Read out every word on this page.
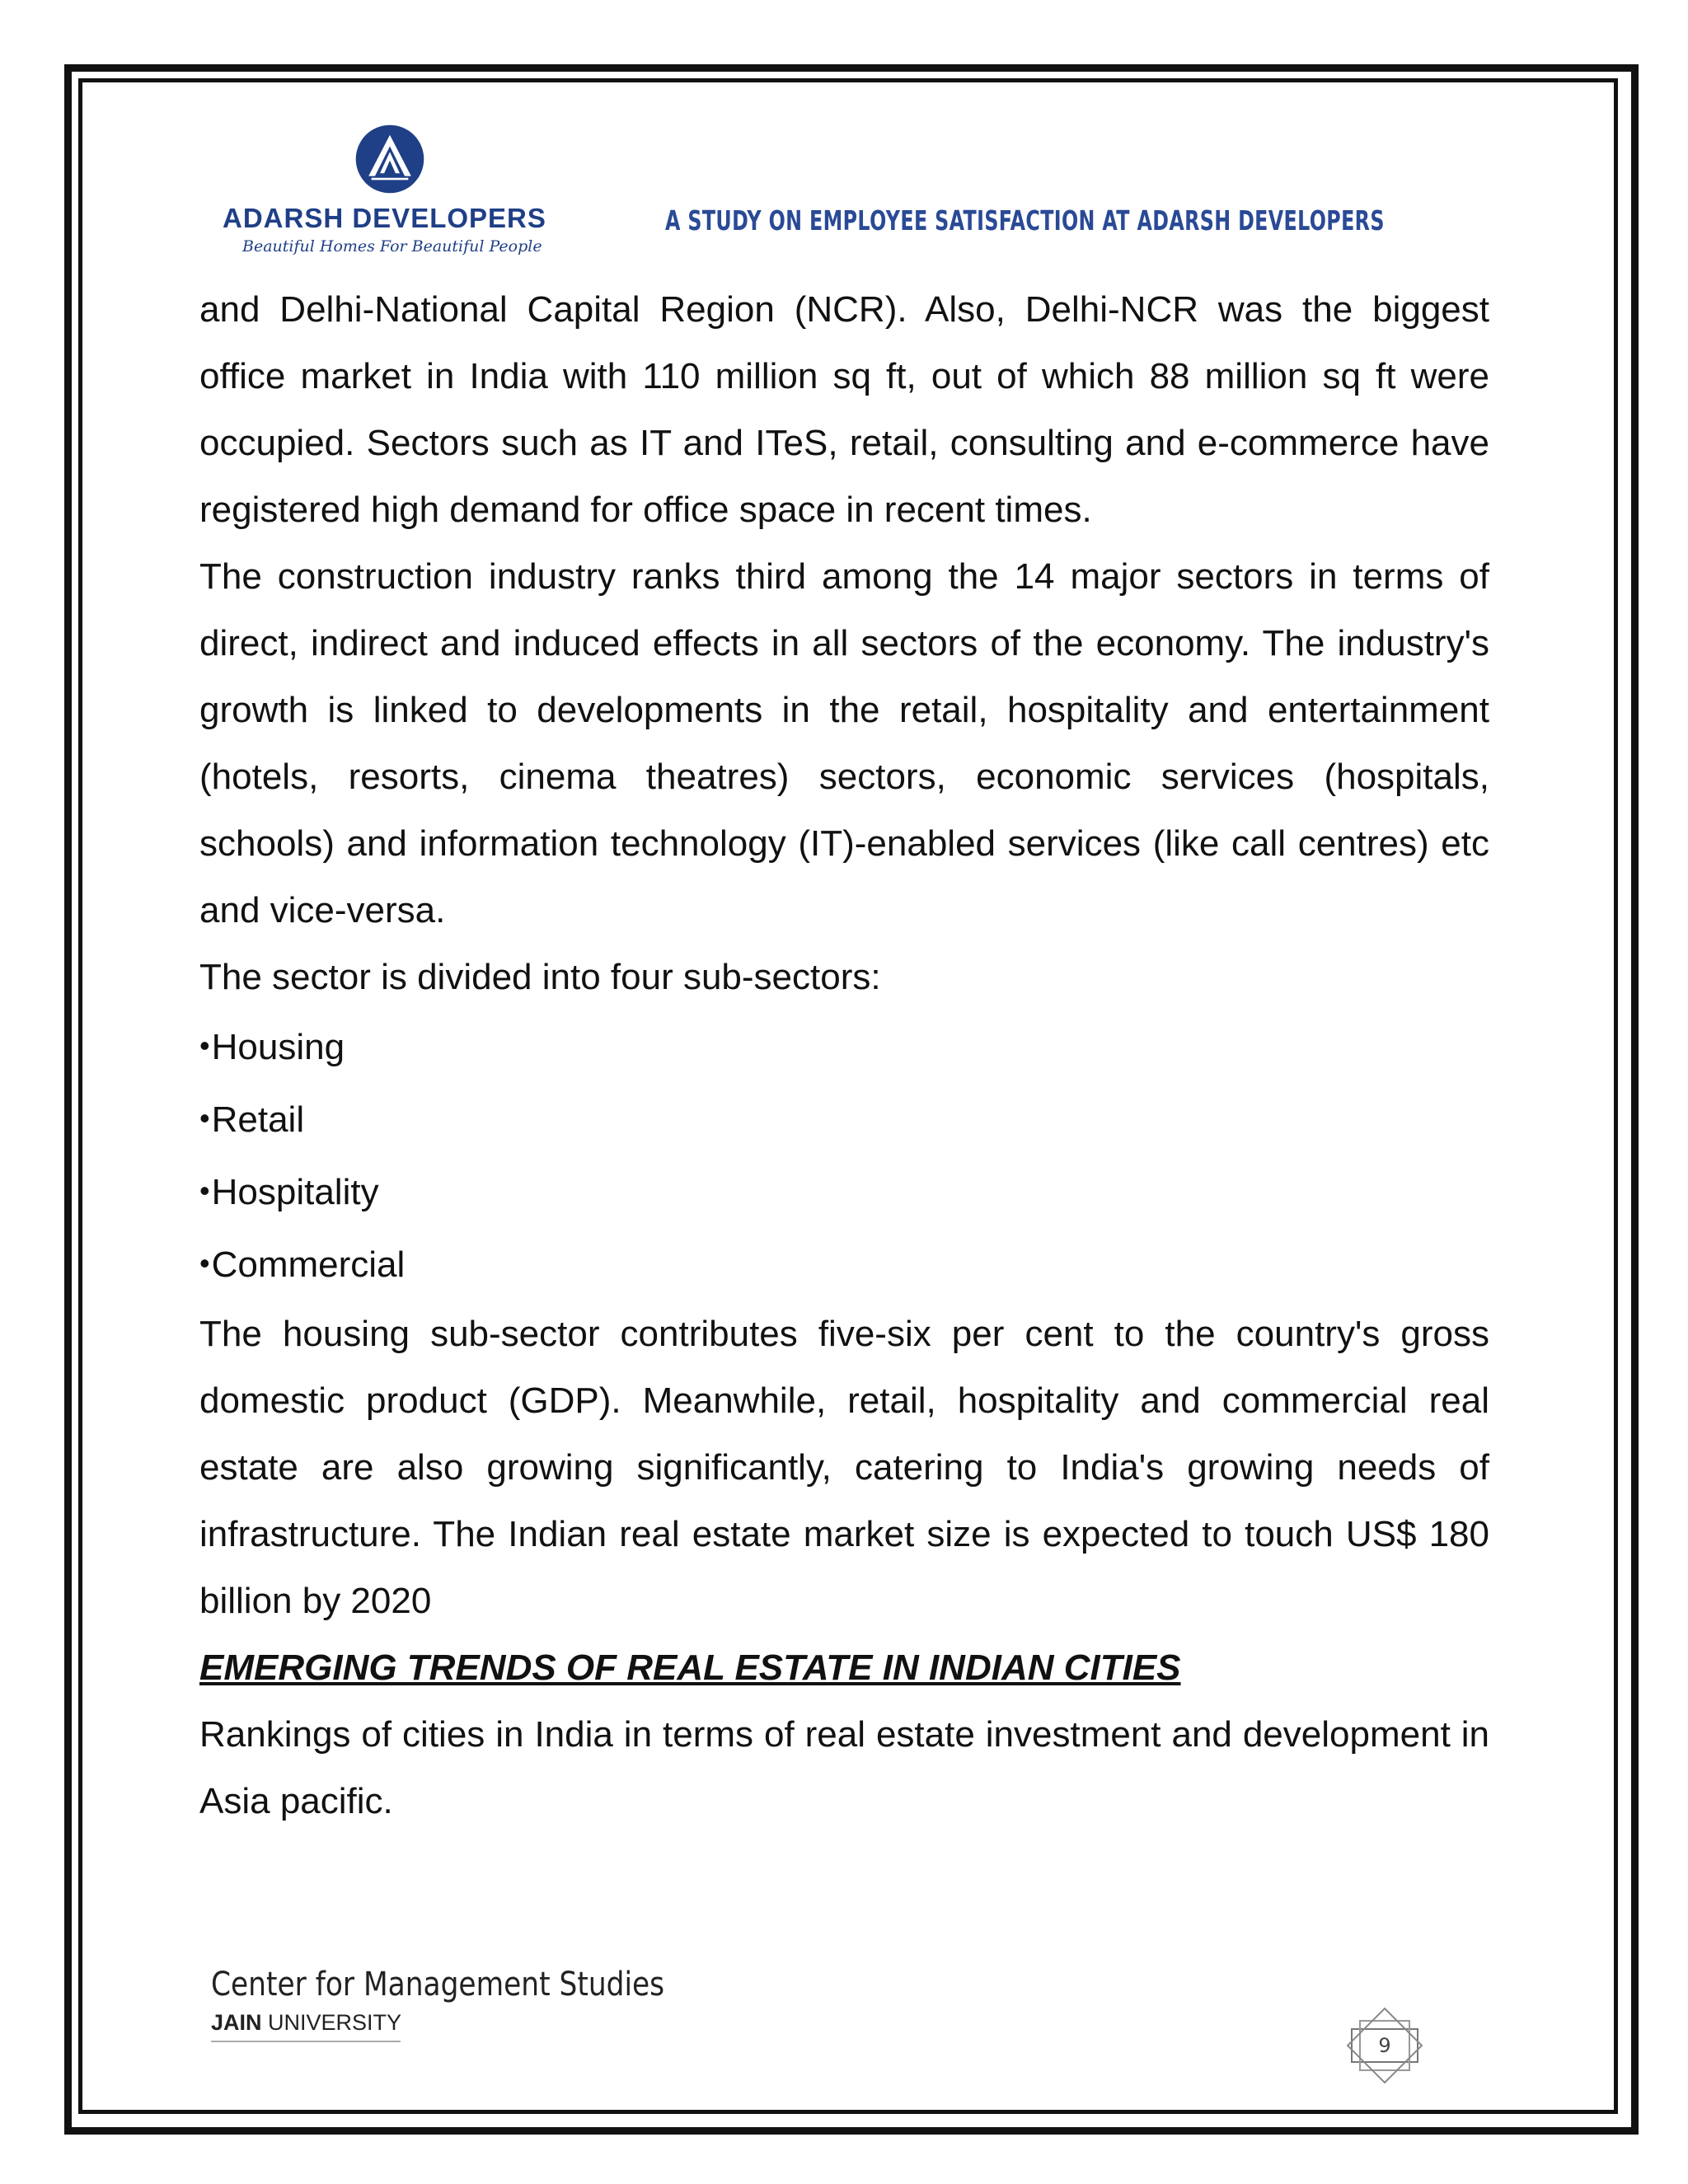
ADARSH DEVELOPERS
Beautiful Homes For Beautiful People
A STUDY ON EMPLOYEE SATISFACTION AT ADARSH DEVELOPERS

and Delhi-National Capital Region (NCR). Also, Delhi-NCR was the biggest office market in India with 110 million sq ft, out of which 88 million sq ft were occupied. Sectors such as IT and ITeS, retail, consulting and e-commerce have registered high demand for office space in recent times.

The construction industry ranks third among the 14 major sectors in terms of direct, indirect and induced effects in all sectors of the economy. The industry's growth is linked to developments in the retail, hospitality and entertainment (hotels, resorts, cinema theatres) sectors, economic services (hospitals, schools) and information technology (IT)-enabled services (like call centres) etc and vice-versa.

The sector is divided into four sub-sectors:

•Housing
•Retail
•Hospitality
•Commercial

The housing sub-sector contributes five-six per cent to the country's gross domestic product (GDP). Meanwhile, retail, hospitality and commercial real estate are also growing significantly, catering to India's growing needs of infrastructure. The Indian real estate market size is expected to touch US$ 180 billion by 2020

EMERGING TRENDS OF REAL ESTATE IN INDIAN CITIES

Rankings of cities in India in terms of real estate investment and development in Asia pacific.

Center for Management Studies
JAIN UNIVERSITY
9
